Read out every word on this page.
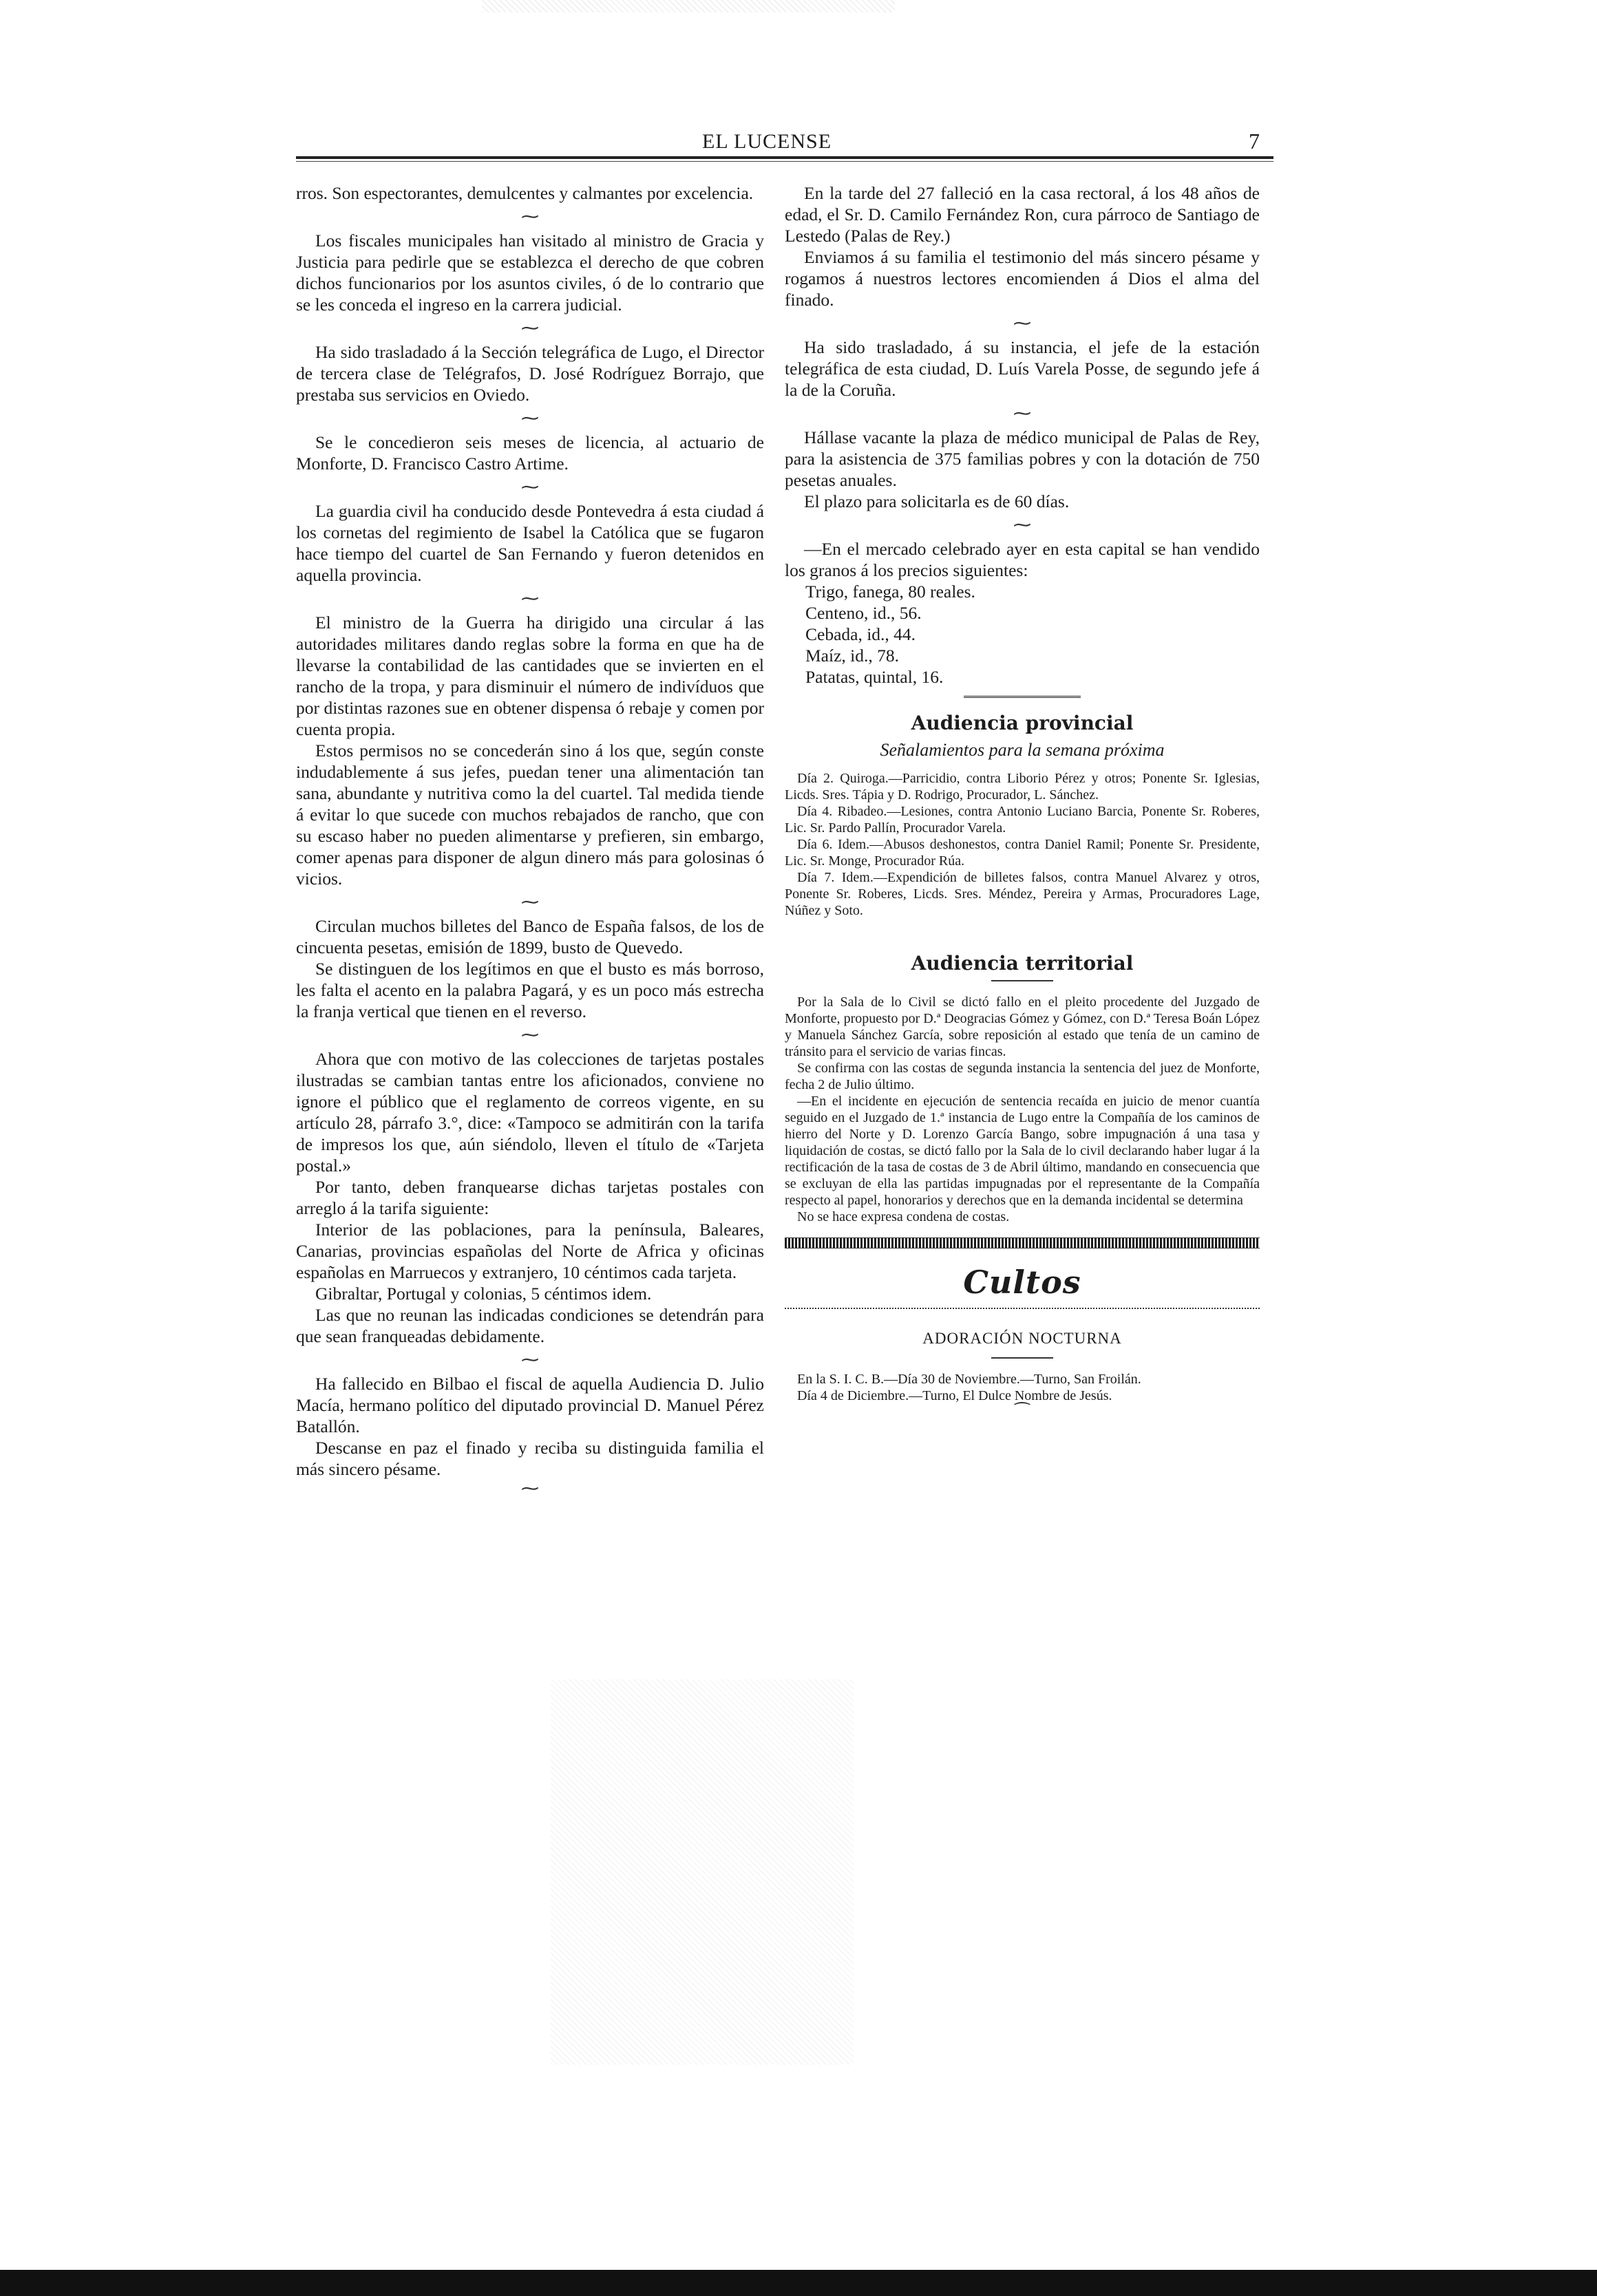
EL LUCENSE	7

rros. Son espectorantes, demulcentes y calmantes por excelencia.

⁓

Los fiscales municipales han visitado al ministro de Gracia y Justicia para pedirle que se establezca el derecho de que cobren dichos funcionarios por los asuntos civiles, ó de lo contrario que se les conceda el ingreso en la carrera judicial.

⁓

Ha sido trasladado á la Sección telegráfica de Lugo, el Director de tercera clase de Telégrafos, D. José Rodríguez Borrajo, que prestaba sus servicios en Oviedo.

⁓

Se le concedieron seis meses de licencia, al actuario de Monforte, D. Francisco Castro Artime.

⁓

La guardia civil ha conducido desde Pontevedra á esta ciudad á los cornetas del regimiento de Isabel la Católica que se fugaron hace tiempo del cuartel de San Fernando y fueron detenidos en aquella provincia.

⁓

El ministro de la Guerra ha dirigido una circular á las autoridades militares dando reglas sobre la forma en que ha de llevarse la contabilidad de las cantidades que se invierten en el rancho de la tropa, y para disminuir el número de indivíduos que por distintas razones sue en obtener dispensa ó rebaje y comen por cuenta propia.

Estos permisos no se concederán sino á los que, según conste indudablemente á sus jefes, puedan tener una alimentación tan sana, abundante y nutritiva como la del cuartel. Tal medida tiende á evitar lo que sucede con muchos rebajados de rancho, que con su escaso haber no pueden alimentarse y prefieren, sin embargo, comer apenas para disponer de algun dinero más para golosinas ó vicios.

⁓

Circulan muchos billetes del Banco de España falsos, de los de cincuenta pesetas, emisión de 1899, busto de Quevedo.

Se distinguen de los legítimos en que el busto es más borroso, les falta el acento en la palabra Pagará, y es un poco más estrecha la franja vertical que tienen en el reverso.

⁓

Ahora que con motivo de las colecciones de tarjetas postales ilustradas se cambian tantas entre los aficionados, conviene no ignore el público que el reglamento de correos vigente, en su artículo 28, párrafo 3.°, dice: «Tampoco se admitirán con la tarifa de impresos los que, aún siéndolo, lleven el título de «Tarjeta postal.»

Por tanto, deben franquearse dichas tarjetas postales con arreglo á la tarifa siguiente:

Interior de las poblaciones, para la península, Baleares, Canarias, provincias españolas del Norte de Africa y oficinas españolas en Marruecos y extranjero, 10 céntimos cada tarjeta.

Gibraltar, Portugal y colonias, 5 céntimos idem.

Las que no reunan las indicadas condiciones se detendrán para que sean franqueadas debidamente.

⁓

Ha fallecido en Bilbao el fiscal de aquella Audiencia D. Julio Macía, hermano político del diputado provincial D. Manuel Pérez Batallón.

Descanse en paz el finado y reciba su distinguida familia el más sincero pésame.

⁓

En la tarde del 27 falleció en la casa rectoral, á los 48 años de edad, el Sr. D. Camilo Fernández Ron, cura párroco de Santiago de Lestedo (Palas de Rey.)

Enviamos á su familia el testimonio del más sincero pésame y rogamos á nuestros lectores encomienden á Dios el alma del finado.

⁓

Ha sido trasladado, á su instancia, el jefe de la estación telegráfica de esta ciudad, D. Luís Varela Posse, de segundo jefe á la de la Coruña.

⁓

Hállase vacante la plaza de médico municipal de Palas de Rey, para la asistencia de 375 familias pobres y con la dotación de 750 pesetas anuales.

El plazo para solicitarla es de 60 días.

⁓

—En el mercado celebrado ayer en esta capital se han vendido los granos á los precios siguientes:

Trigo, fanega, 80 reales.
Centeno, id., 56.
Cebada, id., 44.
Maíz, id., 78.
Patatas, quintal, 16.
Audiencia provincial
Señalamientos para la semana próxima

Día 2. Quiroga.—Parricidio, contra Liborio Pérez y otros; Ponente Sr. Iglesias, Licds. Sres. Tápia y D. Rodrigo, Procurador, L. Sánchez.

Día 4. Ribadeo.—Lesiones, contra Antonio Luciano Barcia, Ponente Sr. Roberes, Lic. Sr. Pardo Pallín, Procurador Varela.

Día 6. Idem.—Abusos deshonestos, contra Daniel Ramil; Ponente Sr. Presidente, Lic. Sr. Monge, Procurador Rúa.

Día 7. Idem.—Expendición de billetes falsos, contra Manuel Alvarez y otros, Ponente Sr. Roberes, Licds. Sres. Méndez, Pereira y Armas, Procuradores Lage, Núñez y Soto.

Audiencia territorial

Por la Sala de lo Civil se dictó fallo en el pleito procedente del Juzgado de Monforte, propuesto por D.ª Deogracias Gómez y Gómez, con D.ª Teresa Boán López y Manuela Sánchez García, sobre reposición al estado que tenía de un camino de tránsito para el servicio de varias fincas.

Se confirma con las costas de segunda instancia la sentencia del juez de Monforte, fecha 2 de Julio último.

—En el incidente en ejecución de sentencia recaída en juicio de menor cuantía seguido en el Juzgado de 1.ª instancia de Lugo entre la Compañía de los caminos de hierro del Norte y D. Lorenzo García Bango, sobre impugnación á una tasa y liquidación de costas, se dictó fallo por la Sala de lo civil declarando haber lugar á la rectificación de la tasa de costas de 3 de Abril último, mandando en consecuencia que se excluyan de ella las partidas impugnadas por el representante de la Compañía respecto al papel, honorarios y derechos que en la demanda incidental se determina

No se hace expresa condena de costas.

Cultos
ADORACIÓN NOCTURNA

En la S. I. C. B.—Día 30 de Noviembre.—Turno, San Froilán.

Día 4 de Diciembre.—Turno, El Dulce Nombre de Jesús.

⁀
